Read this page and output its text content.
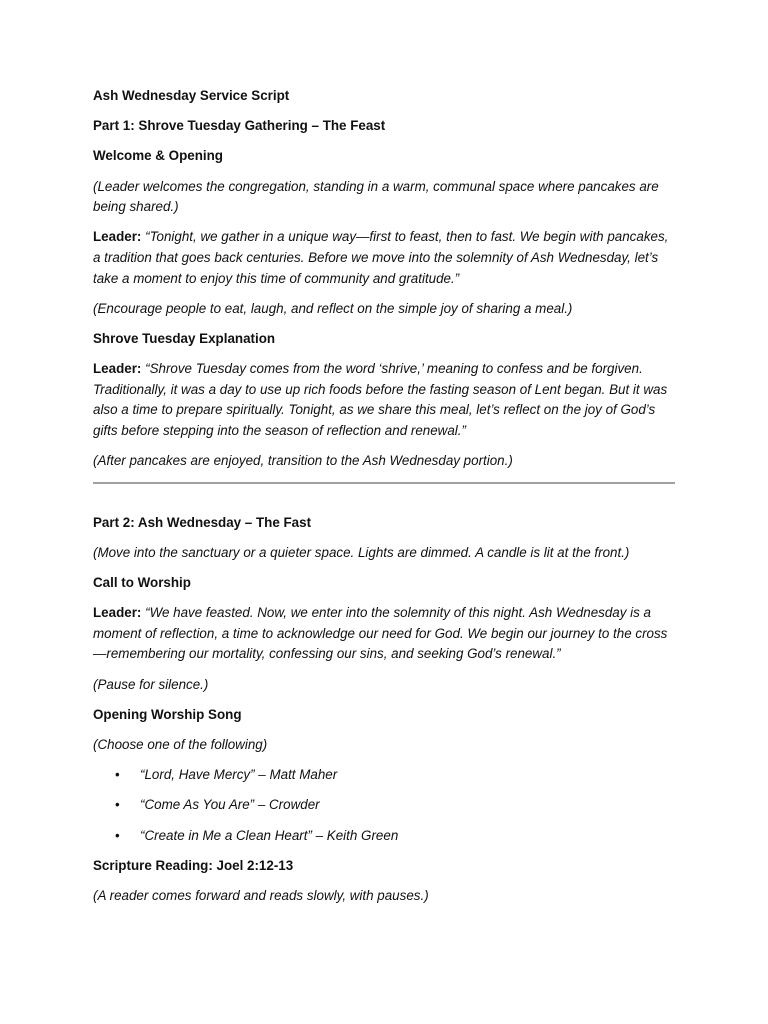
Ash Wednesday Service Script

Part 1: Shrove Tuesday Gathering – The Feast

Welcome & Opening

(Leader welcomes the congregation, standing in a warm, communal space where pancakes are being shared.)

Leader: “Tonight, we gather in a unique way—first to feast, then to fast. We begin with pancakes, a tradition that goes back centuries. Before we move into the solemnity of Ash Wednesday, let’s take a moment to enjoy this time of community and gratitude.”

(Encourage people to eat, laugh, and reflect on the simple joy of sharing a meal.)

Shrove Tuesday Explanation

Leader: “Shrove Tuesday comes from the word ‘shrive,’ meaning to confess and be forgiven. Traditionally, it was a day to use up rich foods before the fasting season of Lent began. But it was also a time to prepare spiritually. Tonight, as we share this meal, let’s reflect on the joy of God’s gifts before stepping into the season of reflection and renewal.”

(After pancakes are enjoyed, transition to the Ash Wednesday portion.)

Part 2: Ash Wednesday – The Fast

(Move into the sanctuary or a quieter space. Lights are dimmed. A candle is lit at the front.)

Call to Worship

Leader: “We have feasted. Now, we enter into the solemnity of this night. Ash Wednesday is a moment of reflection, a time to acknowledge our need for God. We begin our journey to the cross—remembering our mortality, confessing our sins, and seeking God’s renewal.”

(Pause for silence.)

Opening Worship Song

(Choose one of the following)

• “Lord, Have Mercy” – Matt Maher
• “Come As You Are” – Crowder
• “Create in Me a Clean Heart” – Keith Green

Scripture Reading: Joel 2:12-13

(A reader comes forward and reads slowly, with pauses.)
